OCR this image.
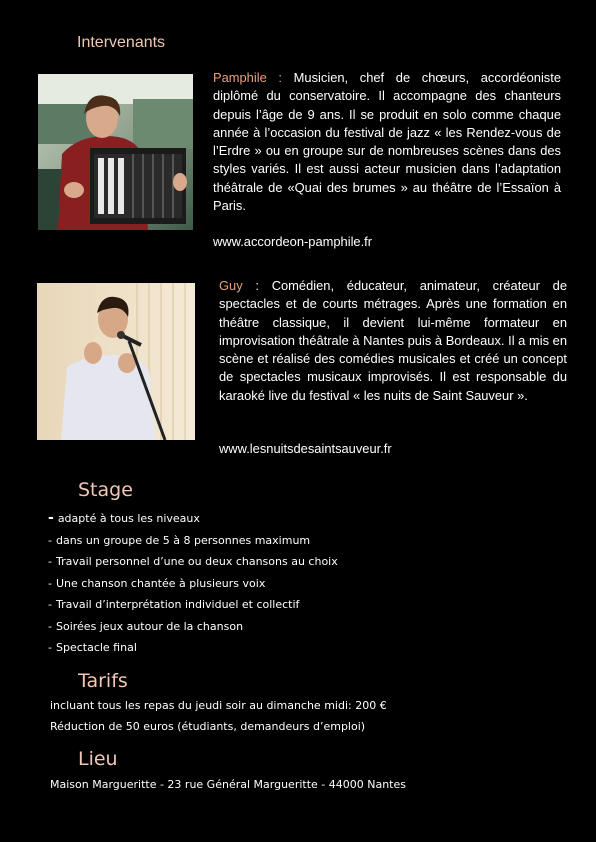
Intervenants

Pamphile : Musicien, chef de chœurs, accordéoniste diplômé du conservatoire. Il accompagne des chanteurs depuis l’âge de 9 ans. Il se produit en solo comme chaque année à l’occasion du festival de jazz « les Rendez-vous de l’Erdre » ou en groupe sur de nombreuses scènes dans des styles variés. Il est aussi acteur musicien dans l’adaptation théâtrale de «Quai des brumes » au théâtre de l’Essaïon à Paris.

www.accordeon-pamphile.fr

Guy : Comédien, éducateur, animateur, créateur de spectacles et de courts métrages. Après une formation en théâtre classique, il devient lui-même formateur en improvisation théâtrale à Nantes puis à Bordeaux. Il a mis en scène et réalisé des comédies musicales et créé un concept de spectacles musicaux improvisés. Il est responsable du karaoké live du festival « les nuits de Saint Sauveur ».

www.lesnuitsdesaintsauveur.fr

Stage
- adapté à tous les niveaux
- dans un groupe de 5 à 8 personnes maximum
- Travail personnel d’une ou deux chansons au choix
- Une chanson chantée à plusieurs voix
- Travail d’interprétation individuel et collectif
- Soirées jeux autour de la chanson
- Spectacle final
Tarifs

incluant tous les repas du jeudi soir au dimanche midi: 200 €

Réduction de 50 euros (étudiants, demandeurs d’emploi)

Lieu

Maison Margueritte - 23 rue Général Margueritte - 44000 Nantes
